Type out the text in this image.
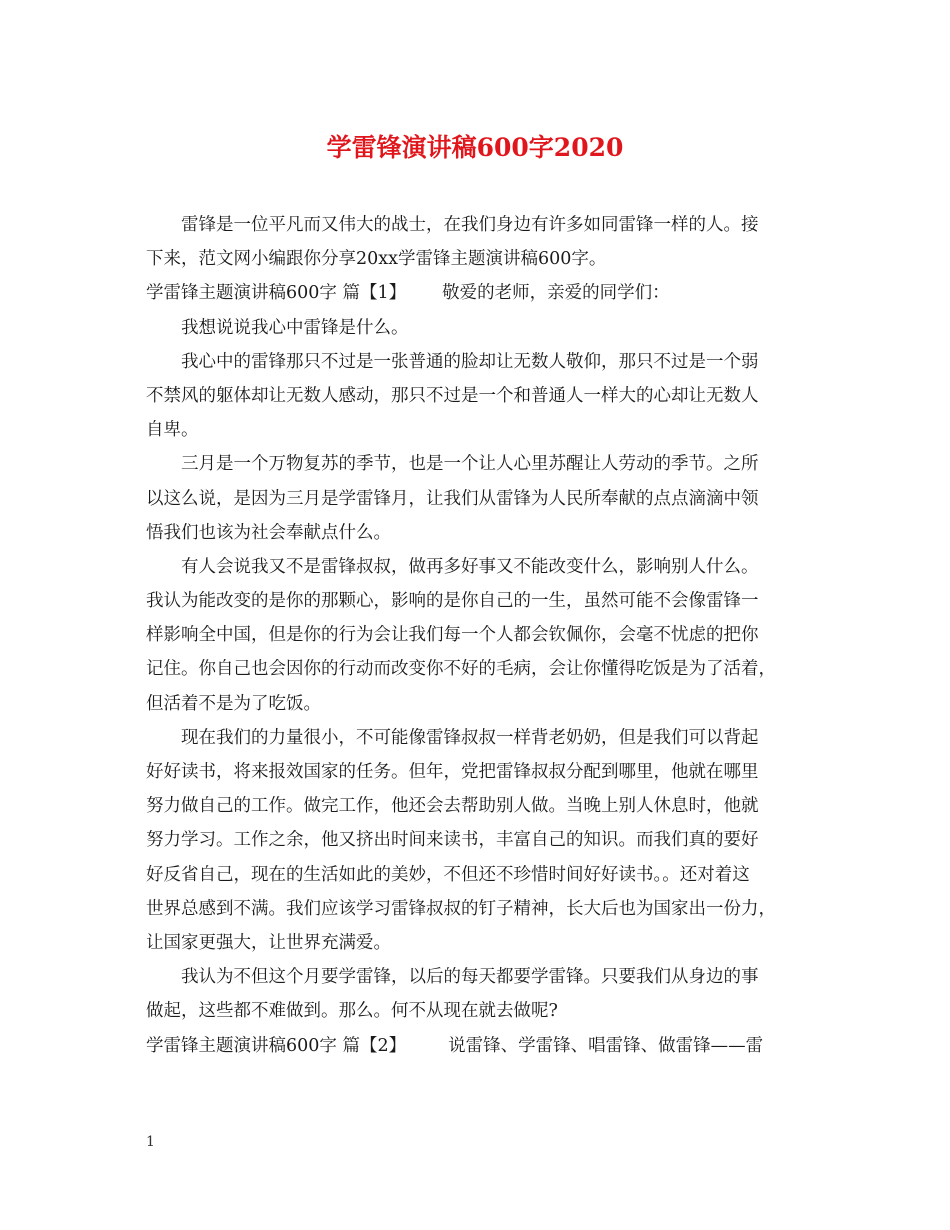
学雷锋演讲稿600字2020
雷锋是一位平凡而又伟大的战士，在我们身边有许多如同雷锋一样的人。接
下来，范文网小编跟你分享20xx学雷锋主题演讲稿600字。
学雷锋主题演讲稿600字 篇【1】 敬爱的老师，亲爱的同学们：
我想说说我心中雷锋是什么。
我心中的雷锋那只不过是一张普通的脸却让无数人敬仰，那只不过是一个弱
不禁风的躯体却让无数人感动，那只不过是一个和普通人一样大的心却让无数人
自卑。
三月是一个万物复苏的季节，也是一个让人心里苏醒让人劳动的季节。之所
以这么说，是因为三月是学雷锋月，让我们从雷锋为人民所奉献的点点滴滴中领
悟我们也该为社会奉献点什么。
有人会说我又不是雷锋叔叔，做再多好事又不能改变什么，影响别人什么。
我认为能改变的是你的那颗心，影响的是你自己的一生，虽然可能不会像雷锋一
样影响全中国，但是你的行为会让我们每一个人都会钦佩你，会毫不忧虑的把你
记住。你自己也会因你的行动而改变你不好的毛病，会让你懂得吃饭是为了活着，
但活着不是为了吃饭。
现在我们的力量很小，不可能像雷锋叔叔一样背老奶奶，但是我们可以背起
好好读书，将来报效国家的任务。但年，党把雷锋叔叔分配到哪里，他就在哪里
努力做自己的工作。做完工作，他还会去帮助别人做。当晚上别人休息时，他就
努力学习。工作之余，他又挤出时间来读书，丰富自己的知识。而我们真的要好
好反省自己，现在的生活如此的美妙，不但还不珍惜时间好好读书。。还对着这
世界总感到不满。我们应该学习雷锋叔叔的钉子精神，长大后也为国家出一份力，
让国家更强大，让世界充满爱。
我认为不但这个月要学雷锋，以后的每天都要学雷锋。只要我们从身边的事
做起，这些都不难做到。那么。何不从现在就去做呢?
学雷锋主题演讲稿600字 篇【2】 说雷锋、学雷锋、唱雷锋、做雷锋——雷
1
